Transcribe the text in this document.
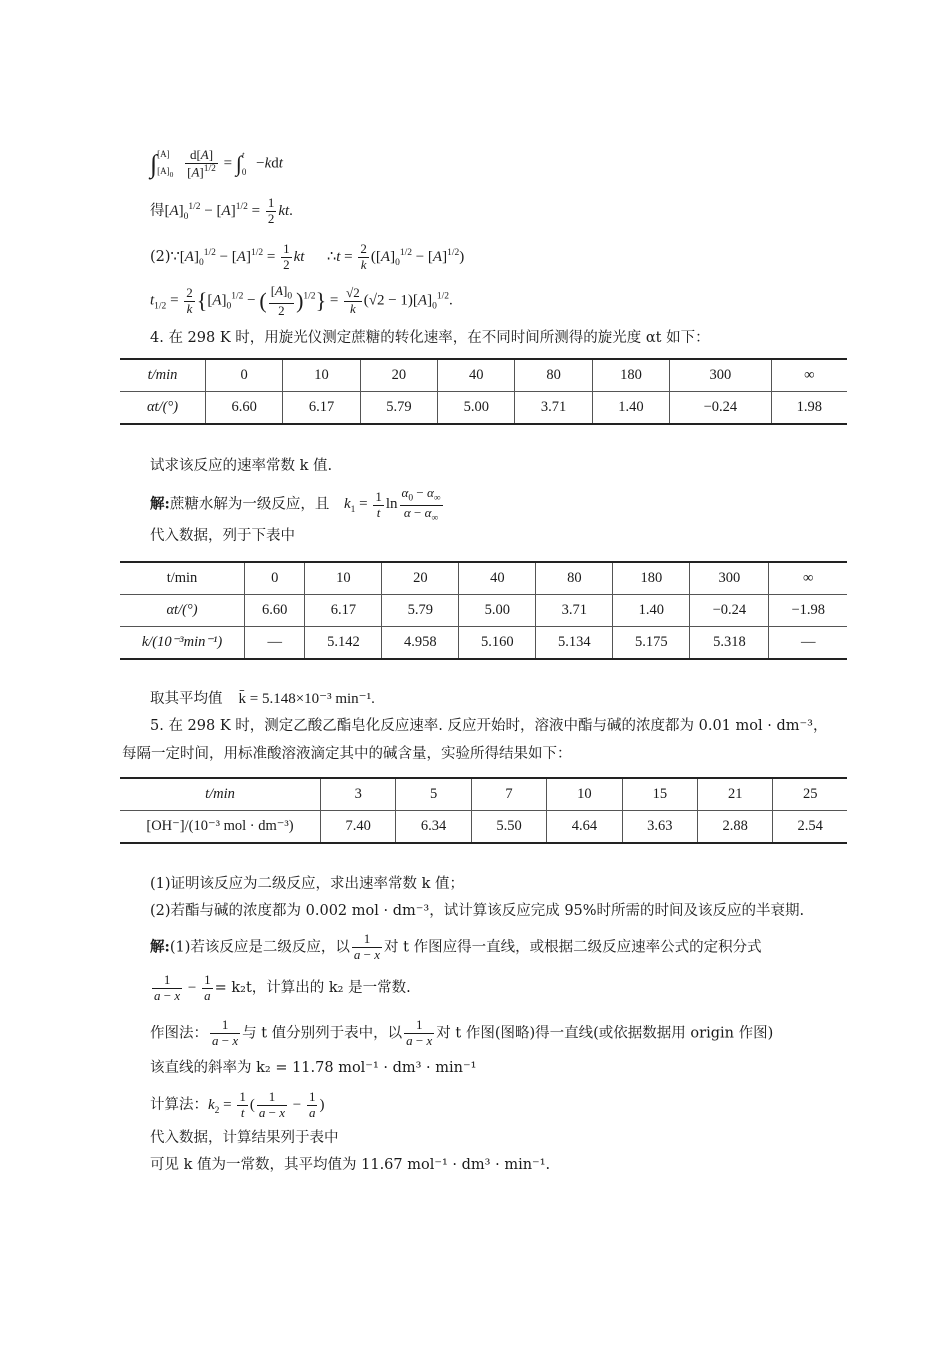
∫[A]
$[A]_0 \frac{d[A]}{[A]^{1/2}} = \int t$
0 −kdt
得$[A]_0^{1/2} - [A]^{1/2} = \frac{1}{2}$ kt.
$(2)\because[A]_0^{1/2} - [A]^{1/2} = \frac{1}{2}$ kt ∴t = $\frac{2}{k} ([A]_0^{1/2} - [A]^{1/2})$
$t_{1/2} = \frac{2}{k} \{[A]_0^{1/2}$ − ( $\frac{[A]_0}{2} )^{1/2}\} = \frac{√2}{k} (√2 - 1)[A]_0^{1/2}$.
4. 在 298 K 时，用旋光仪测定蔗糖的转化速率，在不同时间所测得的旋光度 αt 如下：
t/min	0	10	20	40	80	180	300	∞
αt/(°)	6.60	6.17	5.79	5.00	3.71	1.40	−0.24	1.98
试求该反应的速率常数 k 值.
解:蔗糖水解为一级反应，且 $k_1 = \frac{1}{t}$ $\ln \frac{\alpha_0 - \alpha_\infty}{\alpha - \alpha_\infty}$
代入数据，列于下表中
t/min	0	10	20	40	80	180	300	∞
αt/(°)	6.60	6.17	5.79	5.00	3.71	1.40	−0.24	−1.98
k/(10⁻³min⁻¹)	—	5.142	4.958	5.160	5.134	5.175	5.318	—
取其平均值 k̄ = 5.148×10⁻³ min⁻¹.
5. 在 298 K 时，测定乙酸乙酯皂化反应速率. 反应开始时，溶液中酯与碱的浓度都为 0.01 mol · dm⁻³，
每隔一定时间，用标准酸溶液滴定其中的碱含量，实验所得结果如下：
t/min	3	5	7	10	15	21	25
[OH⁻]/(10⁻³ mol · dm⁻³)	7.40	6.34	5.50	4.64	3.63	2.88	2.54
(1)证明该反应为二级反应，求出速率常数 k 值；
(2)若酯与碱的浓度都为 0.002 mol · dm⁻³，试计算该反应完成 95%时所需的时间及该反应的半衰期.
解:(1)若该反应是二级反应，以 $\frac{1}{a - x}$ 对 t 作图应得一直线，或根据二级反应速率公式的定积分式
$\frac{1}{a - x} - \frac{1}{a} = k_2t$，计算出的 k₂ 是一常数.
作图法： $\frac{1}{a - x}$ 与 t 值分别列于表中，以 $\frac{1}{a - x}$ 对 t 作图(图略)得一直线(或依据数据用 origin 作图)
该直线的斜率为 k₂ = 11.78 mol⁻¹ · dm³ · min⁻¹
计算法：$k_2 = \frac{1}{t}$ ( $\frac{1}{a - x} - \frac{1}{a}$ )
代入数据，计算结果列于表中
可见 k 值为一常数，其平均值为 11.67 mol⁻¹ · dm³ · min⁻¹.
